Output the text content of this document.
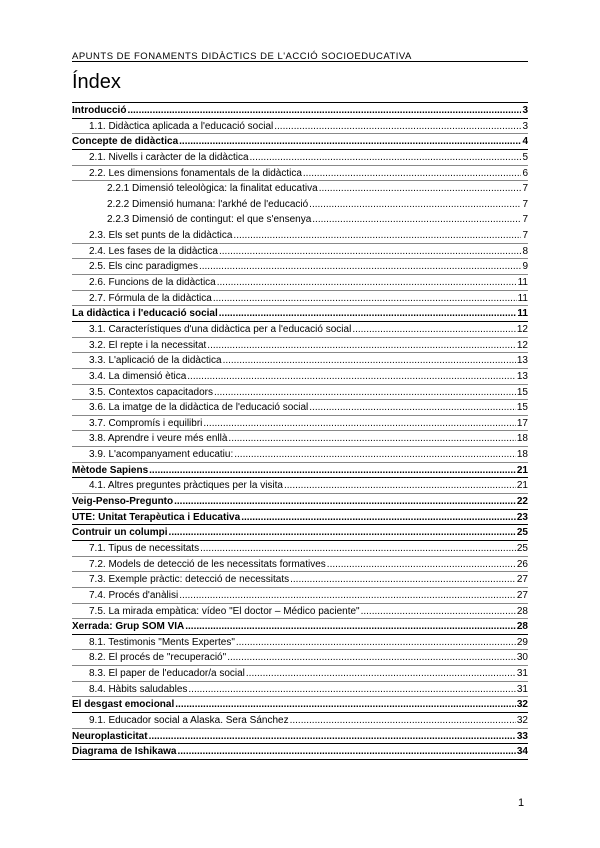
APUNTS DE FONAMENTS DIDÀCTICS DE L'ACCIÓ SOCIOEDUCATIVA
Índex
Introducció .....	3
1.1. Didàctica aplicada a l'educació social .....	3
Concepte de didàctica .....	4
2.1. Nivells i caràcter de la didàctica .....	5
2.2. Les dimensions fonamentals de la didàctica .....	6
2.2.1 Dimensió teleològica: la finalitat educativa .....	7
2.2.2 Dimensió humana: l'arkhé de l'educació .....	7
2.2.3 Dimensió de contingut: el que s'ensenya .....	7
2.3. Els set punts de la didàctica .....	7
2.4. Les fases de la didàctica .....	8
2.5. Els cinc paradigmes .....	9
2.6. Funcions de la didàctica .....	11
2.7. Fórmula de la didàctica .....	11
La didàctica i l'educació social .....	11
3.1. Característiques d'una didàctica per a l'educació social .....	12
3.2. El repte i la necessitat .....	12
3.3. L'aplicació de la didàctica .....	13
3.4. La dimensió ètica .....	13
3.5. Contextos capacitadors .....	15
3.6. La imatge de la didàctica de l'educació social .....	15
3.7. Compromís i equilibri .....	17
3.8. Aprendre i veure més enllà .....	18
3.9. L'acompanyament educatiu: .....	18
Mètode Sapiens .....	21
4.1. Altres preguntes pràctiques per la visita .....	21
Veig-Penso-Pregunto .....	22
UTE: Unitat Terapèutica i Educativa .....	23
Contruir un columpi .....	25
7.1. Tipus de necessitats .....	25
7.2. Models de detecció de les necessitats formatives .....	26
7.3. Exemple pràctic: detecció de necessitats .....	27
7.4. Procés d'anàlisi .....	27
7.5. La mirada empàtica: vídeo "El doctor – Médico paciente" .....	28
Xerrada: Grup SOM VIA .....	28
8.1. Testimonis "Ments Expertes" .....	29
8.2. El procés de "recuperació" .....	30
8.3. El paper de l'educador/a social .....	31
8.4. Hàbits saludables .....	31
El desgast emocional .....	32
9.1. Educador social a Alaska. Sera Sánchez .....	32
Neuroplasticitat .....	33
Diagrama de Ishikawa .....	34
1
